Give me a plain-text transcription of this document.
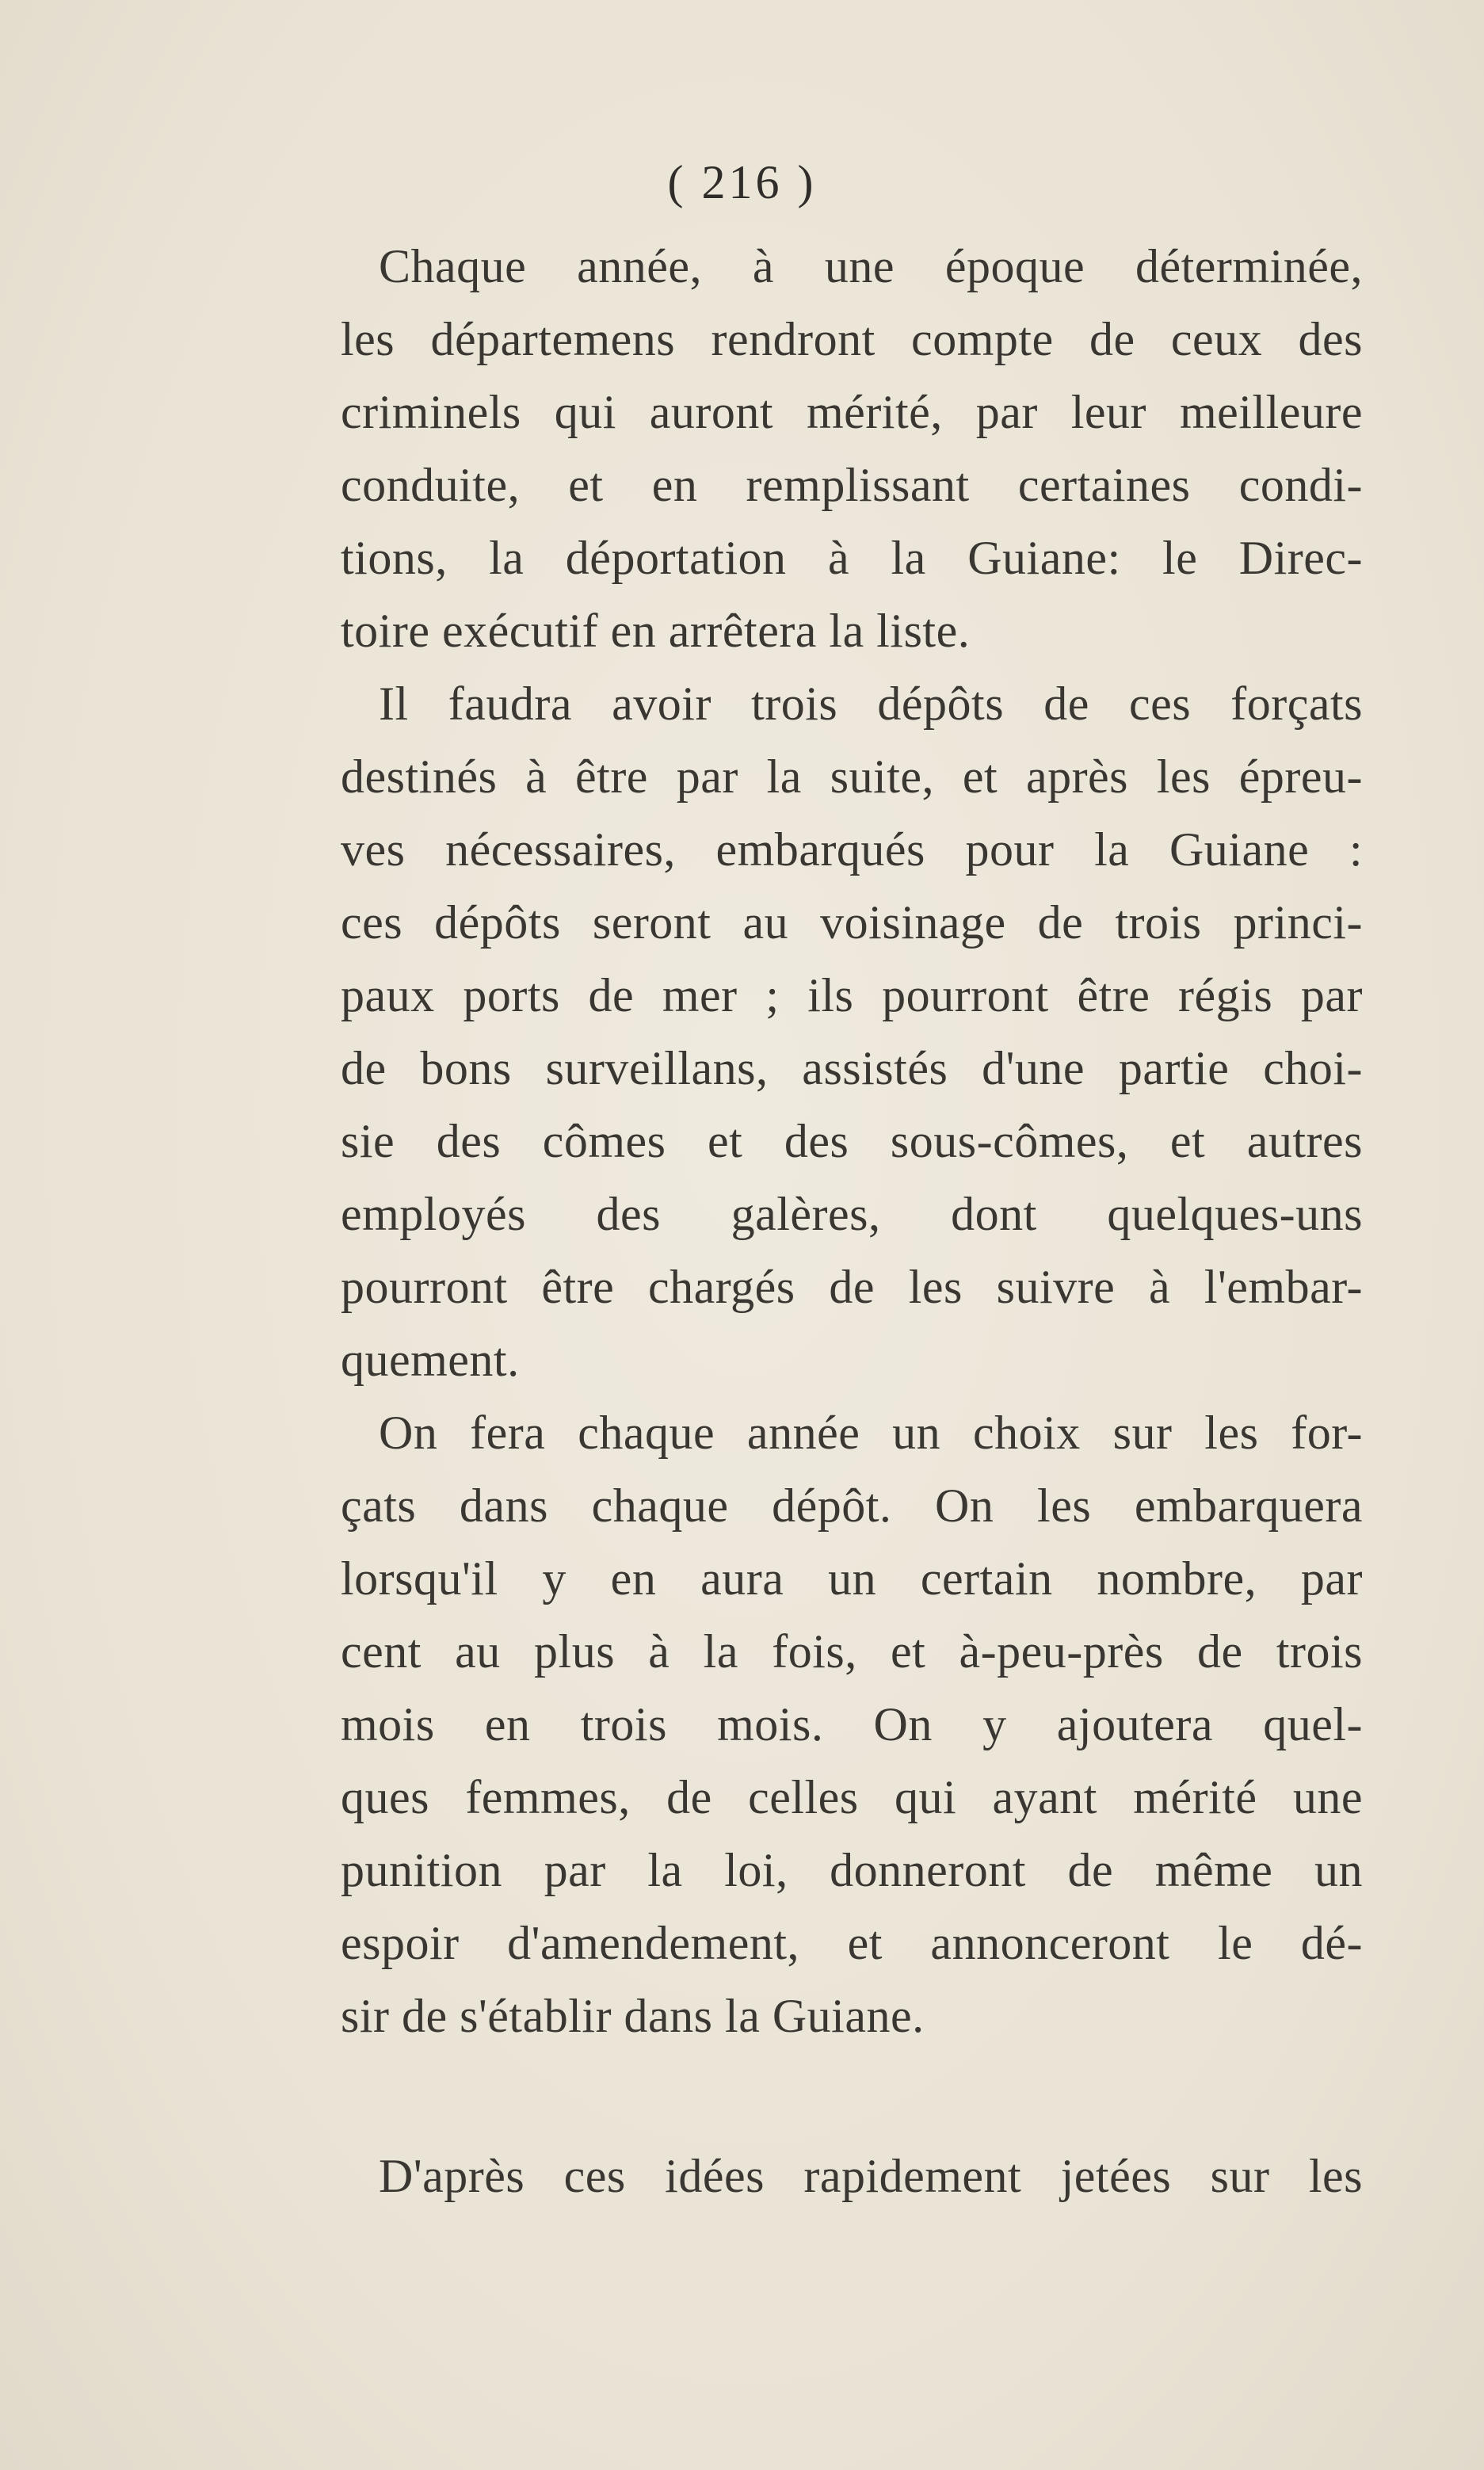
( 216 )
Chaque année, à une époque déterminée,
les départemens rendront compte de ceux des
criminels qui auront mérité, par leur meilleure
conduite, et en remplissant certaines condi-
tions, la déportation à la Guiane: le Direc-
toire exécutif en arrêtera la liste.
Il faudra avoir trois dépôts de ces forçats
destinés à être par la suite, et après les épreu-
ves nécessaires, embarqués pour la Guiane :
ces dépôts seront au voisinage de trois princi-
paux ports de mer ; ils pourront être régis par
de bons surveillans, assistés d'une partie choi-
sie des cômes et des sous-cômes, et autres
employés des galères, dont quelques-uns
pourront être chargés de les suivre à l'embar-
quement.
On fera chaque année un choix sur les for-
çats dans chaque dépôt. On les embarquera
lorsqu'il y en aura un certain nombre, par
cent au plus à la fois, et à-peu-près de trois
mois en trois mois. On y ajoutera quel-
ques femmes, de celles qui ayant mérité une
punition par la loi, donneront de même un
espoir d'amendement, et annonceront le dé-
sir de s'établir dans la Guiane.
D'après ces idées rapidement jetées sur les
